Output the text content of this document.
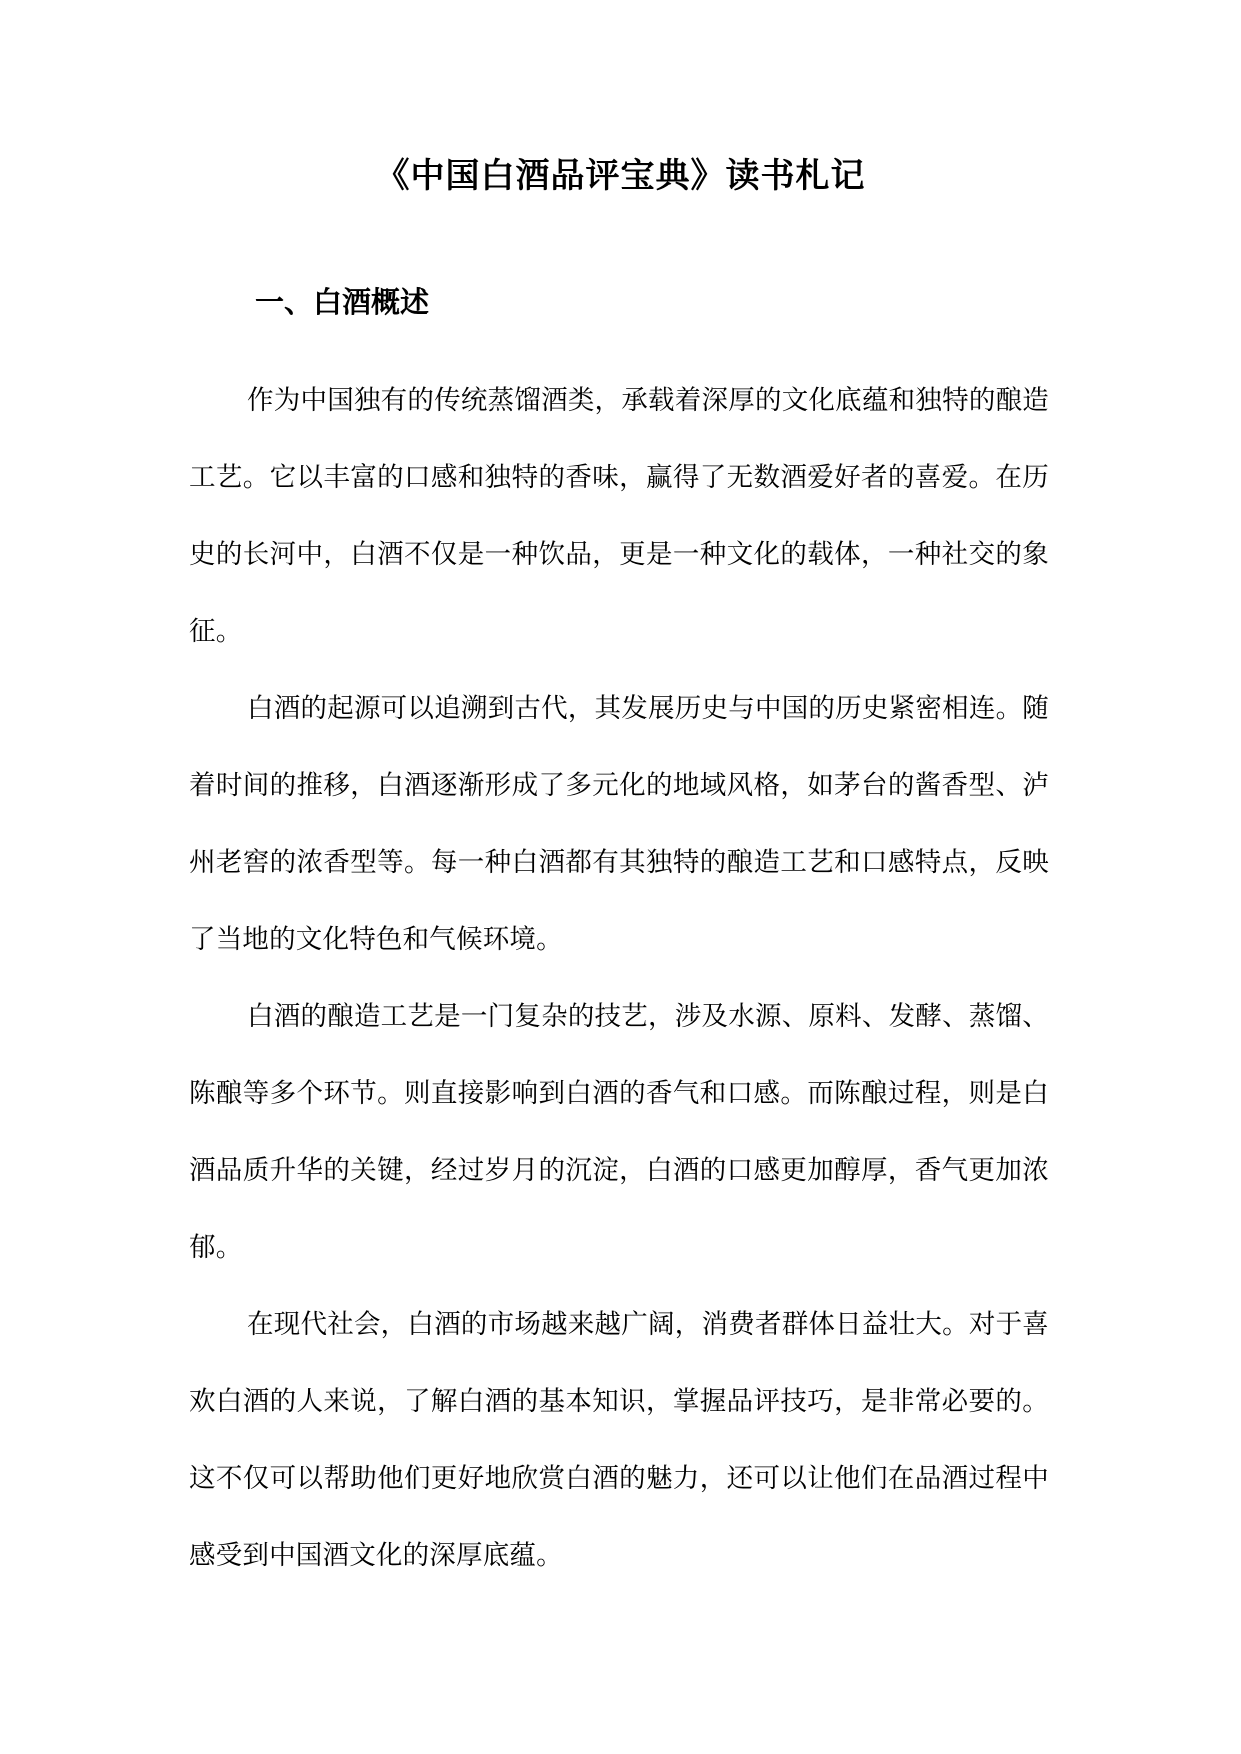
《中国白酒品评宝典》读书札记
一、白酒概述

作为中国独有的传统蒸馏酒类，承载着深厚的文化底蕴和独特的酿造工艺。它以丰富的口感和独特的香味，赢得了无数酒爱好者的喜爱。在历史的长河中，白酒不仅是一种饮品，更是一种文化的载体，一种社交的象征。

白酒的起源可以追溯到古代，其发展历史与中国的历史紧密相连。随着时间的推移，白酒逐渐形成了多元化的地域风格，如茅台的酱香型、泸州老窖的浓香型等。每一种白酒都有其独特的酿造工艺和口感特点，反映了当地的文化特色和气候环境。

白酒的酿造工艺是一门复杂的技艺，涉及水源、原料、发酵、蒸馏、陈酿等多个环节。则直接影响到白酒的香气和口感。而陈酿过程，则是白酒品质升华的关键，经过岁月的沉淀，白酒的口感更加醇厚，香气更加浓郁。

在现代社会，白酒的市场越来越广阔，消费者群体日益壮大。对于喜欢白酒的人来说，了解白酒的基本知识，掌握品评技巧，是非常必要的。这不仅可以帮助他们更好地欣赏白酒的魅力，还可以让他们在品酒过程中感受到中国酒文化的深厚底蕴。
